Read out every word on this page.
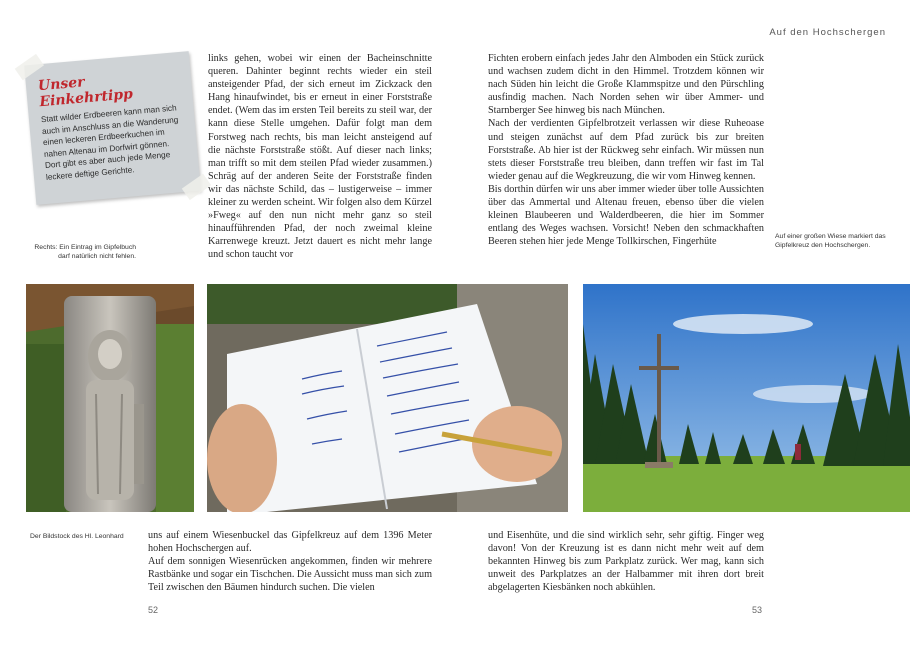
Auf den Hochschergen
Unser Einkehrtipp
Statt wilder Erdbeeren kann man sich auch im Anschluss an die Wanderung einen leckeren Erdbeerkuchen im nahen Altenau im Dorfwirt gönnen. Dort gibt es aber auch jede Menge leckere deftige Gerichte.

links gehen, wobei wir einen der Bacheinschnitte queren. Dahinter beginnt rechts wieder ein steil ansteigender Pfad, der sich erneut im Zickzack den Hang hinaufwindet, bis er erneut in einer Forststraße endet. (Wem das im ersten Teil bereits zu steil war, der kann diese Stelle umgehen. Dafür folgt man dem Forstweg nach rechts, bis man leicht ansteigend auf die nächste Forststraße stößt. Auf dieser nach links; man trifft so mit dem steilen Pfad wieder zusammen.) Schräg auf der anderen Seite der Forststraße finden wir das nächste Schild, das – lustigerweise – immer kleiner zu werden scheint. Wir folgen also dem Kürzel »Fweg« auf den nun nicht mehr ganz so steil hinaufführenden Pfad, der noch zweimal kleine Karrenwege kreuzt. Jetzt dauert es nicht mehr lange und schon taucht vor

Rechts: Ein Eintrag im Gipfelbuch darf natürlich nicht fehlen.

Fichten erobern einfach jedes Jahr den Almboden ein Stück zurück und wachsen zudem dicht in den Himmel. Trotzdem können wir nach Süden hin leicht die Große Klammspitze und den Pürschling ausfindig machen. Nach Norden sehen wir über Ammer- und Starnberger See hinweg bis nach München.

Nach der verdienten Gipfelbrotzeit verlassen wir diese Ruheoase und steigen zunächst auf dem Pfad zurück bis zur breiten Forststraße. Ab hier ist der Rückweg sehr einfach. Wir müssen nun stets dieser Forststraße treu bleiben, dann treffen wir fast im Tal wieder genau auf die Wegkreuzung, die wir vom Hinweg kennen.

Bis dorthin dürfen wir uns aber immer wieder über tolle Aussichten über das Ammertal und Altenau freuen, ebenso über die vielen kleinen Blaubeeren und Walderdbeeren, die hier im Sommer entlang des Weges wachsen. Vorsicht! Neben den schmackhaften Beeren stehen hier jede Menge Tollkirschen, Fingerhüte	Auf einer großen Wiese markiert das Gipfelkreuz den Hochschergen.
Der Bildstock des Hl. Leonhard	uns auf einem Wiesenbuckel das Gipfelkreuz auf dem 1396 Meter hohen Hochschergen auf.

Auf dem sonnigen Wiesenrücken angekommen, finden wir mehrere Rastbänke und sogar ein Tischchen. Die Aussicht muss man sich zum Teil zwischen den Bäumen hindurch suchen. Die vielen

und Eisenhüte, und die sind wirklich sehr, sehr giftig. Finger weg davon! Von der Kreuzung ist es dann nicht mehr weit auf dem bekannten Hinweg bis zum Parkplatz zurück. Wer mag, kann sich unweit des Parkplatzes an der Halbammer mit ihren dort breit abgelagerten Kiesbänken noch abkühlen.

52	53
